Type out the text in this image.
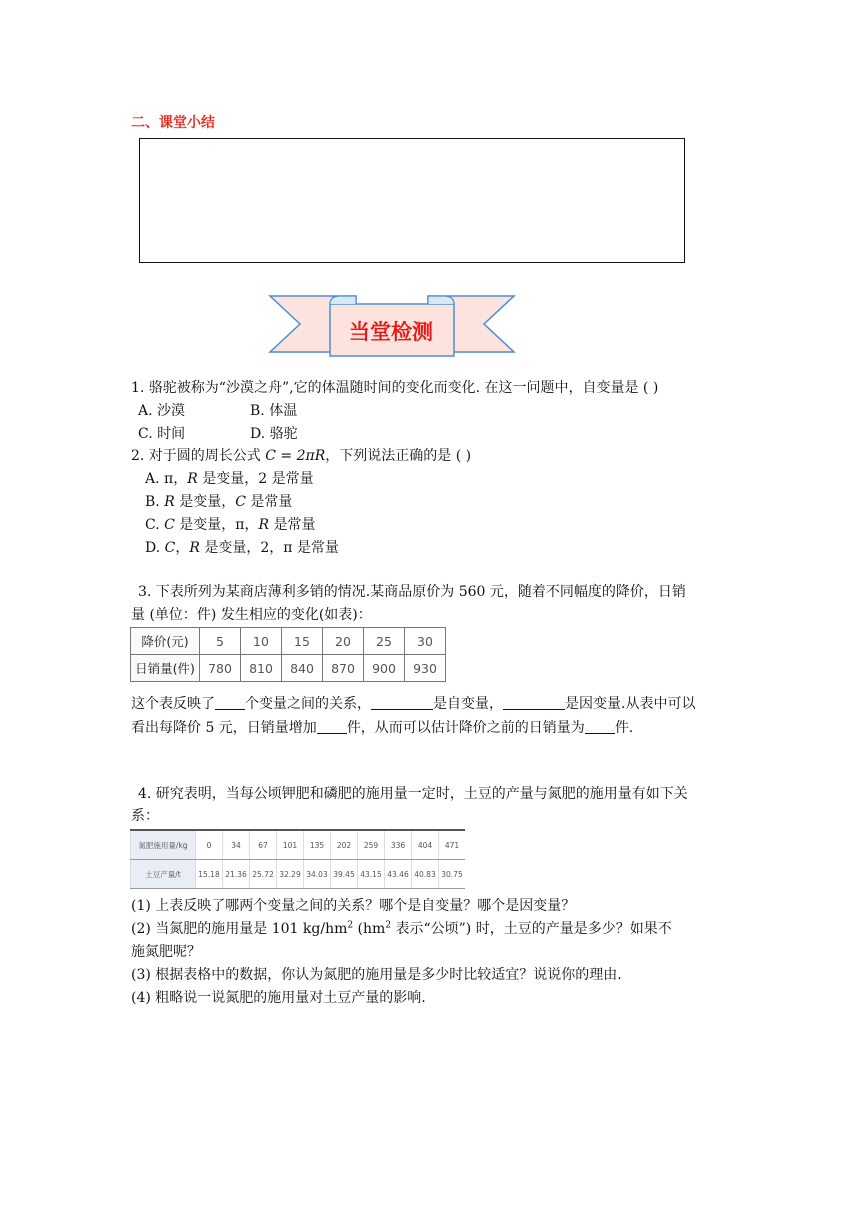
二、课堂小结
当堂检测
1. 骆驼被称为“沙漠之舟”,它的体温随时间的变化而变化. 在这一问题中，自变量是 ( )
A. 沙漠	B. 体温
C. 时间	D. 骆驼
2. 对于圆的周长公式 C = 2πR，下列说法正确的是 ( )
A. π，R 是变量，2 是常量
B. R 是变量，C 是常量
C. C 是变量，π，R 是常量
D. C，R 是变量，2，π 是常量
3. 下表所列为某商店薄利多销的情况.某商品原价为 560 元，随着不同幅度的降价，日销
量 (单位：件) 发生相应的变化(如表)：
降价(元)	5	10	15	20	25	30
日销量(件)	780	810	840	870	900	930
这个表反映了 个变量之间的关系，	是自变量，	是因变量.从表中可以
看出每降价 5 元，日销量增加 件，从而可以估计降价之前的日销量为 件.
4. 研究表明，当每公顷钾肥和磷肥的施用量一定时，土豆的产量与氮肥的施用量有如下关
系：
氮肥施用量/kg	0	34	67	101	135	202	259	336	404	471
土豆产量/t	15.18	21.36	25.72	32.29	34.03	39.45	43.15	43.46	40.83	30.75
(1) 上表反映了哪两个变量之间的关系？哪个是自变量？哪个是因变量？
(2) 当氮肥的施用量是 101 $kg/hm^2$ ($hm^2$ 表示“公顷”) 时，土豆的产量是多少？如果不
施氮肥呢？
(3) 根据表格中的数据，你认为氮肥的施用量是多少时比较适宜？说说你的理由.
(4) 粗略说一说氮肥的施用量对土豆产量的影响.
